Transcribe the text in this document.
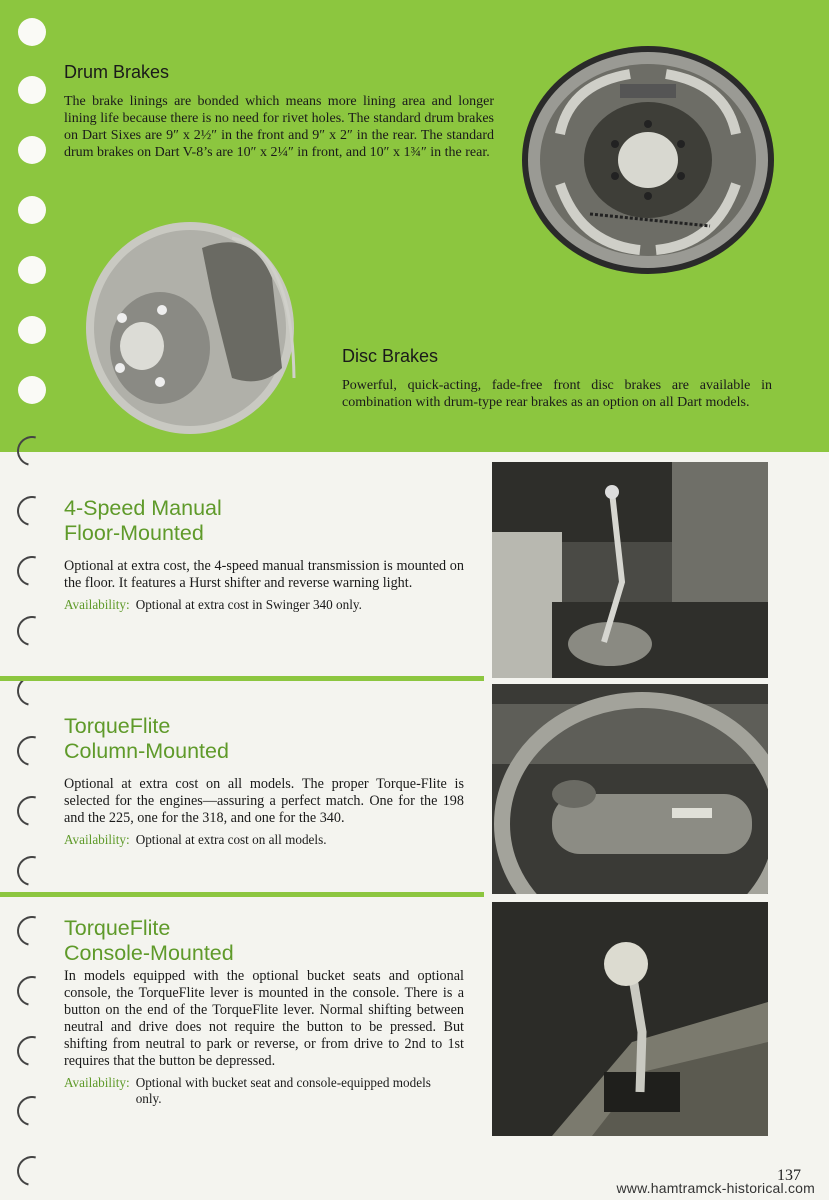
Drum Brakes

The brake linings are bonded which means more lining area and longer lining life because there is no need for rivet holes. The standard drum brakes on Dart Sixes are 9″ x 2½″ in the front and 9″ x 2″ in the rear. The standard drum brakes on Dart V-8’s are 10″ x 2¼″ in front, and 10″ x 1¾″ in the rear.

Disc Brakes

Powerful, quick-acting, fade-free front disc brakes are available in combination with drum-type rear brakes as an option on all Dart models.

4-Speed Manual
Floor-Mounted

Optional at extra cost, the 4-speed manual transmission is mounted on the floor. It features a Hurst shifter and reverse warning light.

Availability: Optional at extra cost in Swinger 340 only.
TorqueFlite
Column-Mounted

Optional at extra cost on all models. The proper Torque-Flite is selected for the engines—assuring a perfect match. One for the 198 and the 225, one for the 318, and one for the 340.

Availability: Optional at extra cost on all models.
TorqueFlite
Console-Mounted

In models equipped with the optional bucket seats and optional console, the TorqueFlite lever is mounted in the console. There is a button on the end of the TorqueFlite lever. Normal shifting between neutral and drive does not require the button to be pressed. But shifting from neutral to park or reverse, or from drive to 2nd to 1st requires that the button be depressed.

Availability: Optional with bucket seat and console-equipped models only.
137
www.hamtramck-historical.com
